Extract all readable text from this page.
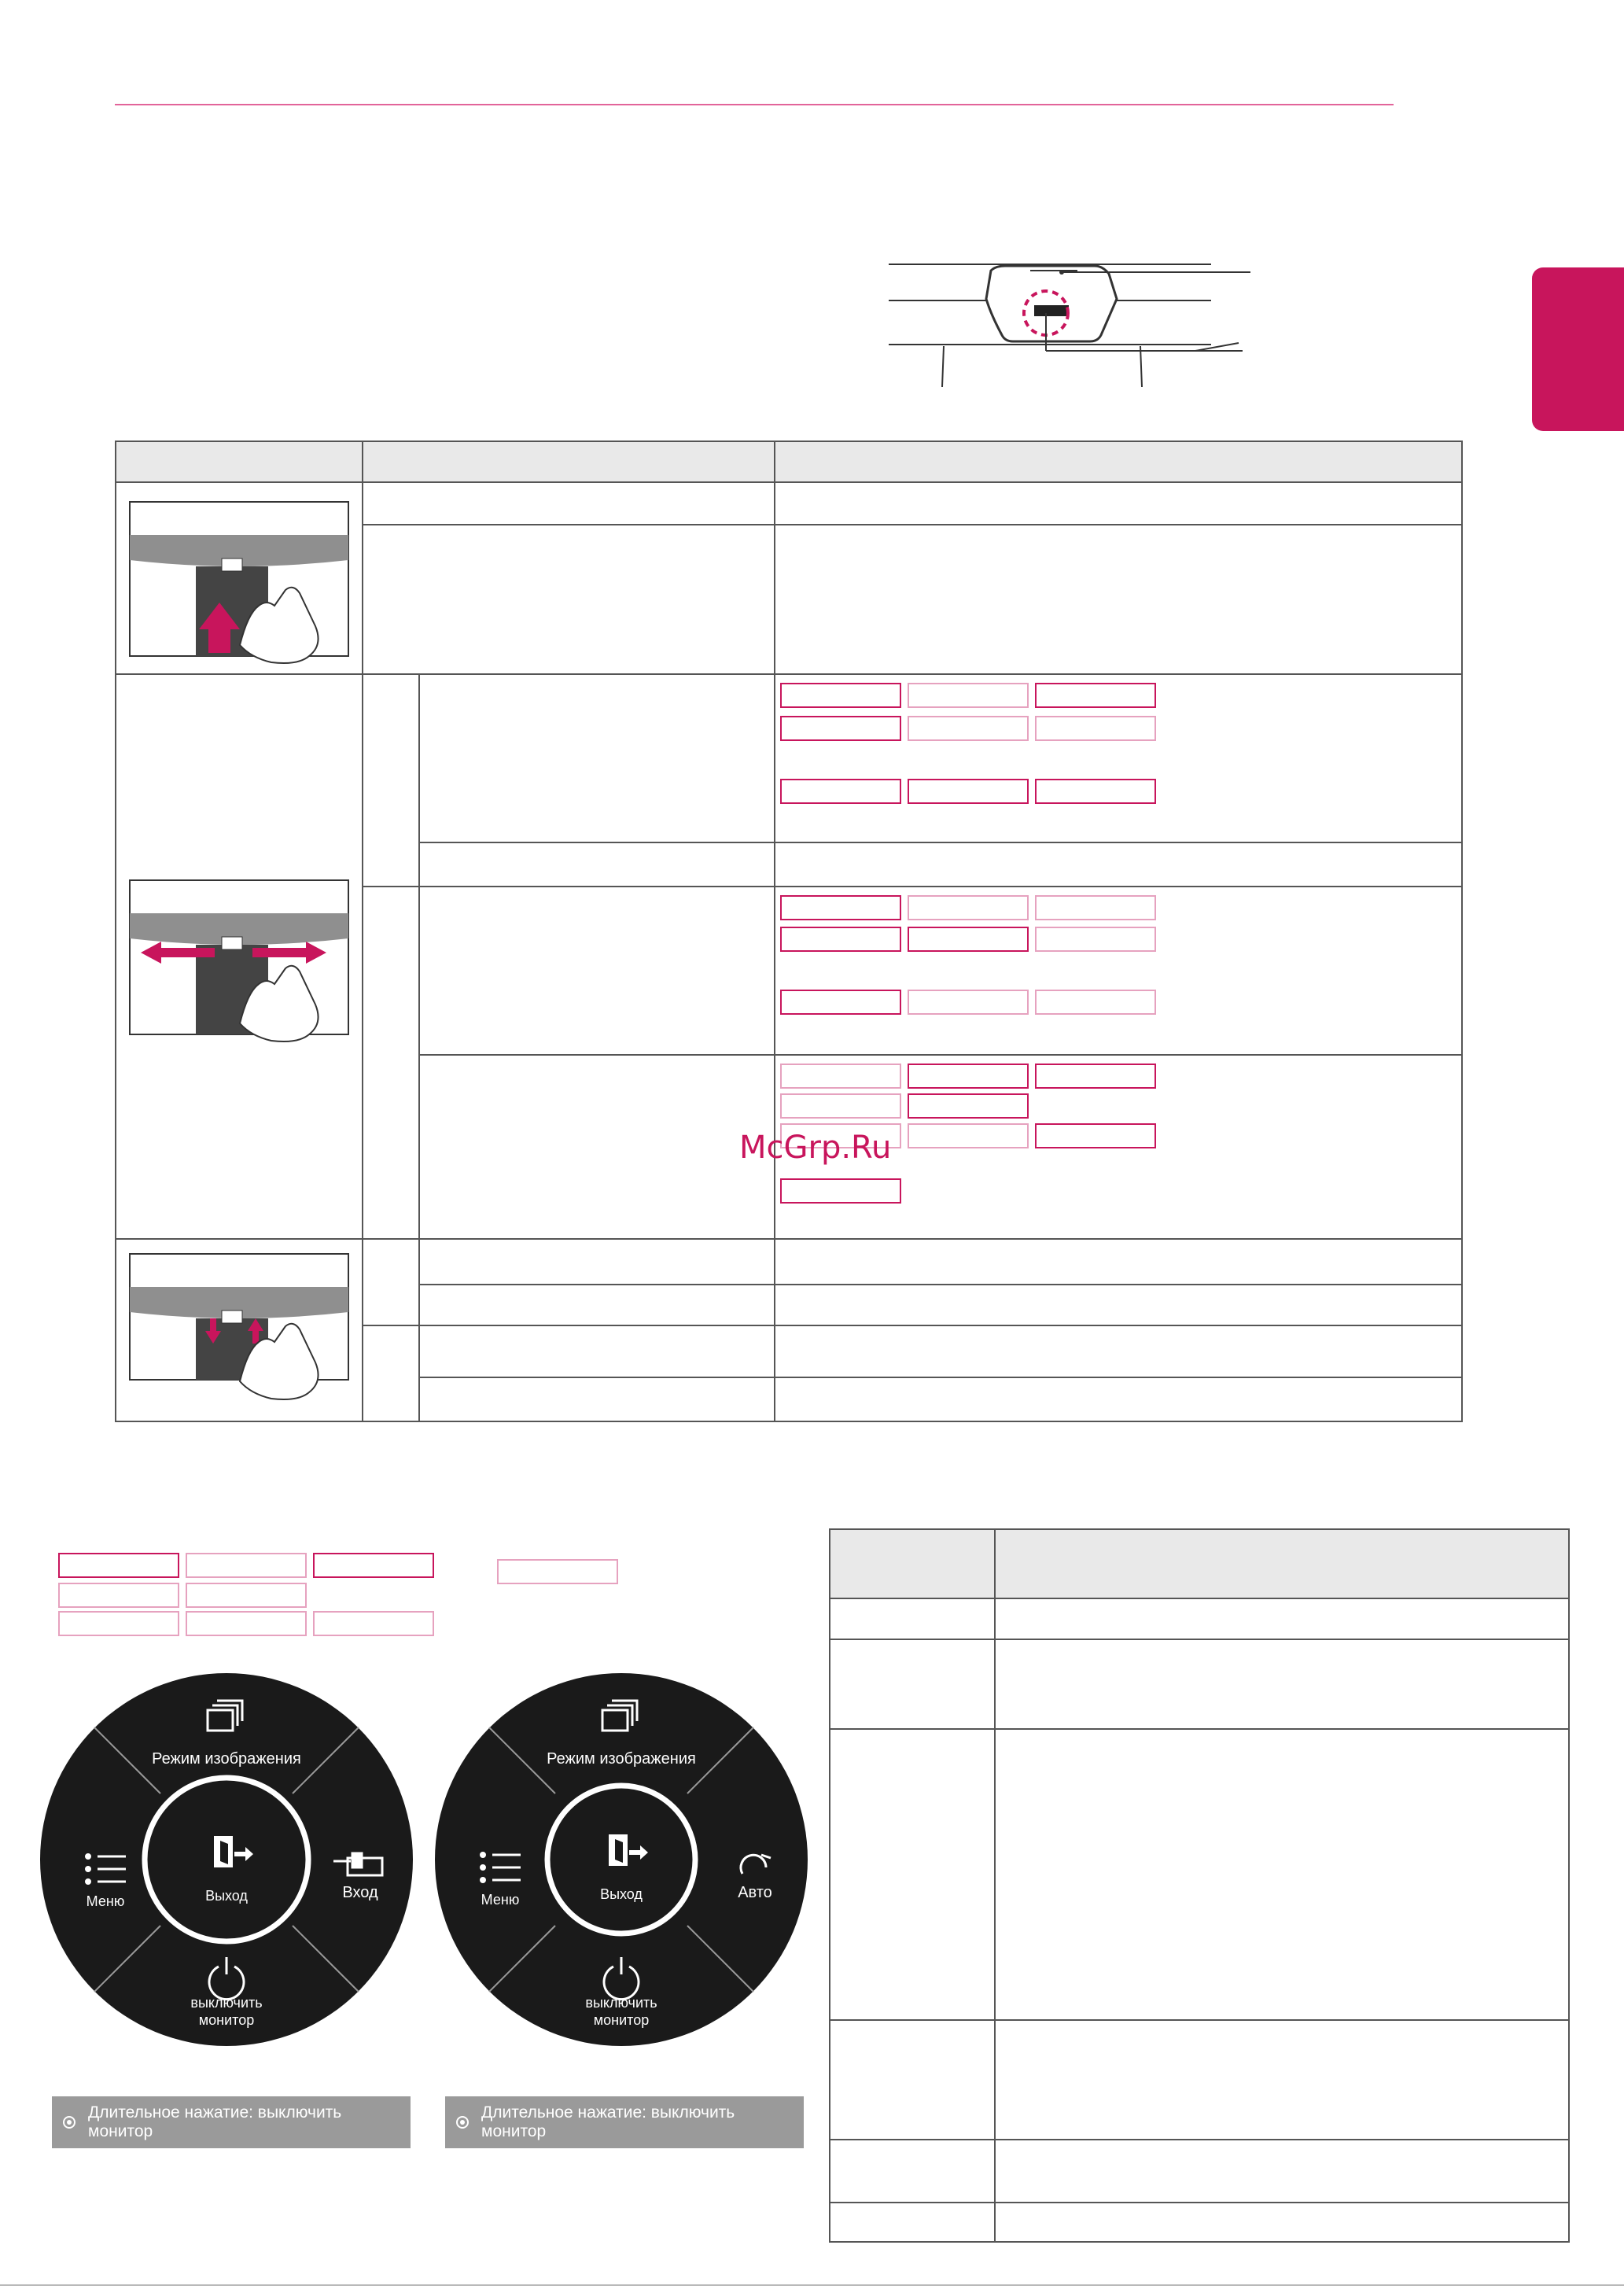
McGrp.Ru
Режим изображения
Меню	Выход	Вход
выключить
монитор
Режим изображения
Меню	Выход	Авто
выключить
монитор
Длительное нажатие: выключить монитор
Длительное нажатие: выключить монитор
